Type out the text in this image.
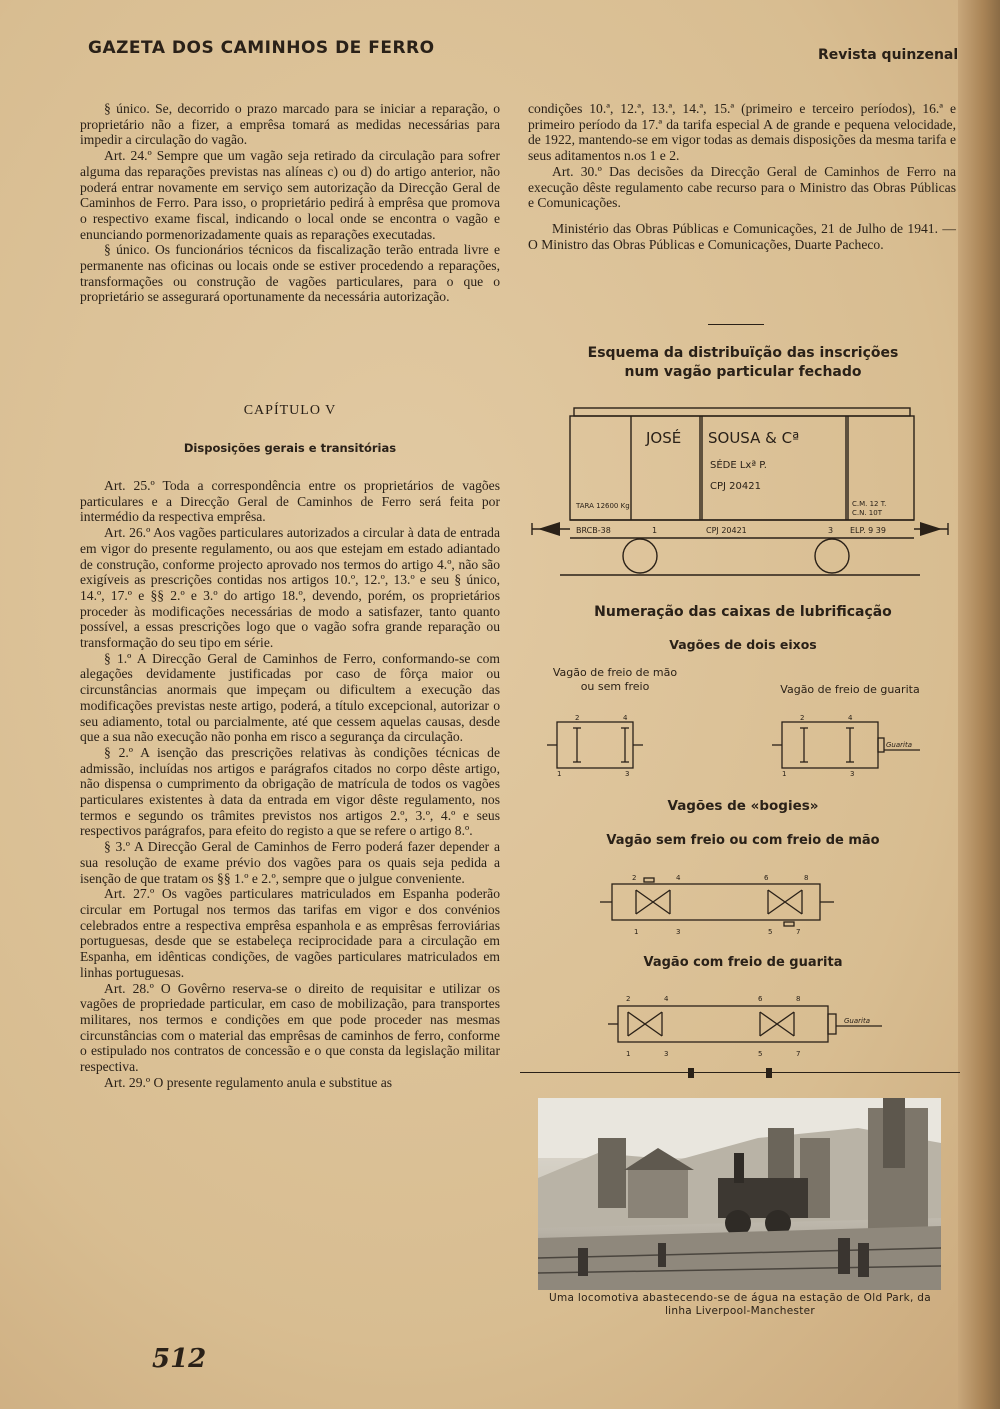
GAZETA DOS CAMINHOS DE FERRO	Revista quinzenal

§ único. Se, decorrido o prazo marcado para se iniciar a reparação, o proprietário não a fizer, a emprêsa tomará as medidas necessárias para impedir a circulação do vagão.

Art. 24.º Sempre que um vagão seja retirado da circulação para sofrer alguma das reparações previstas nas alíneas c) ou d) do artigo anterior, não poderá entrar novamente em serviço sem autorização da Direcção Geral de Caminhos de Ferro. Para isso, o proprietário pedirá à emprêsa que promova o respectivo exame fiscal, indicando o local onde se encontra o vagão e enunciando pormenorizadamente quais as reparações executadas.

§ único. Os funcionários técnicos da fiscalização terão entrada livre e permanente nas oficinas ou locais onde se estiver procedendo a reparações, transformações ou construção de vagões particulares, para o que o proprietário se assegurará oportunamente da necessária autorização.

CAPÍTULO V
Disposições gerais e transitórias

Art. 25.º Toda a correspondência entre os proprietários de vagões particulares e a Direcção Geral de Caminhos de Ferro será feita por intermédio da respectiva emprêsa.

Art. 26.º Aos vagões particulares autorizados a circular à data de entrada em vigor do presente regulamento, ou aos que estejam em estado adiantado de construção, conforme projecto aprovado nos termos do artigo 4.º, não são exigíveis as prescrições contidas nos artigos 10.º, 12.º, 13.º e seu § único, 14.º, 17.º e §§ 2.º e 3.º do artigo 18.º, devendo, porém, os proprietários proceder às modificações necessárias de modo a satisfazer, tanto quanto possível, a essas prescrições logo que o vagão sofra grande reparação ou transformação do seu tipo em série.

§ 1.º A Direcção Geral de Caminhos de Ferro, conformando-se com alegações devidamente justificadas por caso de fôrça maior ou circunstâncias anormais que impeçam ou dificultem a execução das modificações previstas neste artigo, poderá, a título excepcional, autorizar o seu adiamento, total ou parcialmente, até que cessem aquelas causas, desde que a sua não execução não ponha em risco a segurança da circulação.

§ 2.º A isenção das prescrições relativas às condições técnicas de admissão, incluídas nos artigos e parágrafos citados no corpo dêste artigo, não dispensa o cumprimento da obrigação de matrícula de todos os vagões particulares existentes à data da entrada em vigor dêste regulamento, nos termos e segundo os trâmites previstos nos artigos 2.º, 3.º, 4.º e seus respectivos parágrafos, para efeito do registo a que se refere o artigo 8.º.

§ 3.º A Direcção Geral de Caminhos de Ferro poderá fazer depender a sua resolução de exame prévio dos vagões para os quais seja pedida a isenção de que tratam os §§ 1.º e 2.º, sempre que o julgue conveniente.

Art. 27.º Os vagões particulares matriculados em Espanha poderão circular em Portugal nos termos das tarifas em vigor e dos convénios celebrados entre a respectiva emprêsa espanhola e as emprêsas ferroviárias portuguesas, desde que se estabeleça reciprocidade para a circulação em Espanha, em idênticas condições, de vagões particulares matriculados em linhas portuguesas.

Art. 28.º O Govêrno reserva-se o direito de requisitar e utilizar os vagões de propriedade particular, em caso de mobilização, para transportes militares, nos termos e condições em que pode proceder nas mesmas circunstâncias com o material das emprêsas de caminhos de ferro, conforme o estipulado nos contratos de concessão e o que consta da legislação militar respectiva.

Art. 29.º O presente regulamento anula e substitue as

condições 10.ª, 12.ª, 13.ª, 14.ª, 15.ª (primeiro e terceiro períodos), 16.ª e primeiro período da 17.ª da tarifa especial A de grande e pequena velocidade, de 1922, mantendo-se em vigor todas as demais disposições da mesma tarifa e seus aditamentos n.os 1 e 2.

Art. 30.º Das decisões da Direcção Geral de Caminhos de Ferro na execução dêste regulamento cabe recurso para o Ministro das Obras Públicas e Comunicações.

Ministério das Obras Públicas e Comunicações, 21 de Julho de 1941. — O Ministro das Obras Públicas e Comunicações, Duarte Pacheco.

Esquema da distribuïção das inscrições
num vagão particular fechado
JOSÉ SOUSA & Cª
SÉDE Lxª P.
CPJ 20421
TARA 12600 Kg	C.M. 12 T.
C.N. 10T
BRCB-38	1	CPJ 20421	3 ELP. 9 39
Numeração das caixas de lubrificação
Vagões de dois eixos
Vagão de freio de mão
ou sem freio	Vagão de freio de guarita
2	4
1	3
2	4
1	3
Guarita
Vagões de «bogies»
Vagão sem freio ou com freio de mão
2	4	6	8
1	3	5	7
Vagão com freio de guarita
2	4	6	8
1	3	5	7
Guarita
Uma locomotiva abastecendo-se de água na estação de Old Park, da linha Liverpool-Manchester
512
